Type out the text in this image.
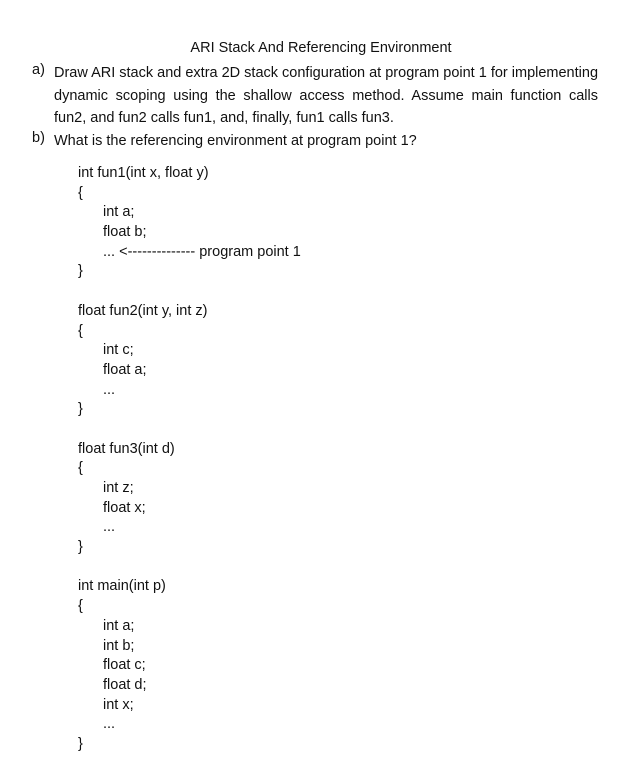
ARI Stack And Referencing Environment
a) Draw ARI stack and extra 2D stack configuration at program point 1 for implementing dynamic scoping using the shallow access method. Assume main function calls fun2, and fun2 calls fun1, and, finally, fun1 calls fun3.
b) What is the referencing environment at program point 1?
int fun1(int x, float y)
{
int a;
float b;
... <-------------- program point 1
}
float fun2(int y, int z)
{
int c;
float a;
...
}
float fun3(int d)
{
int z;
float x;
...
}
int main(int p)
{
int a;
int b;
float c;
float d;
int x;
...
}
